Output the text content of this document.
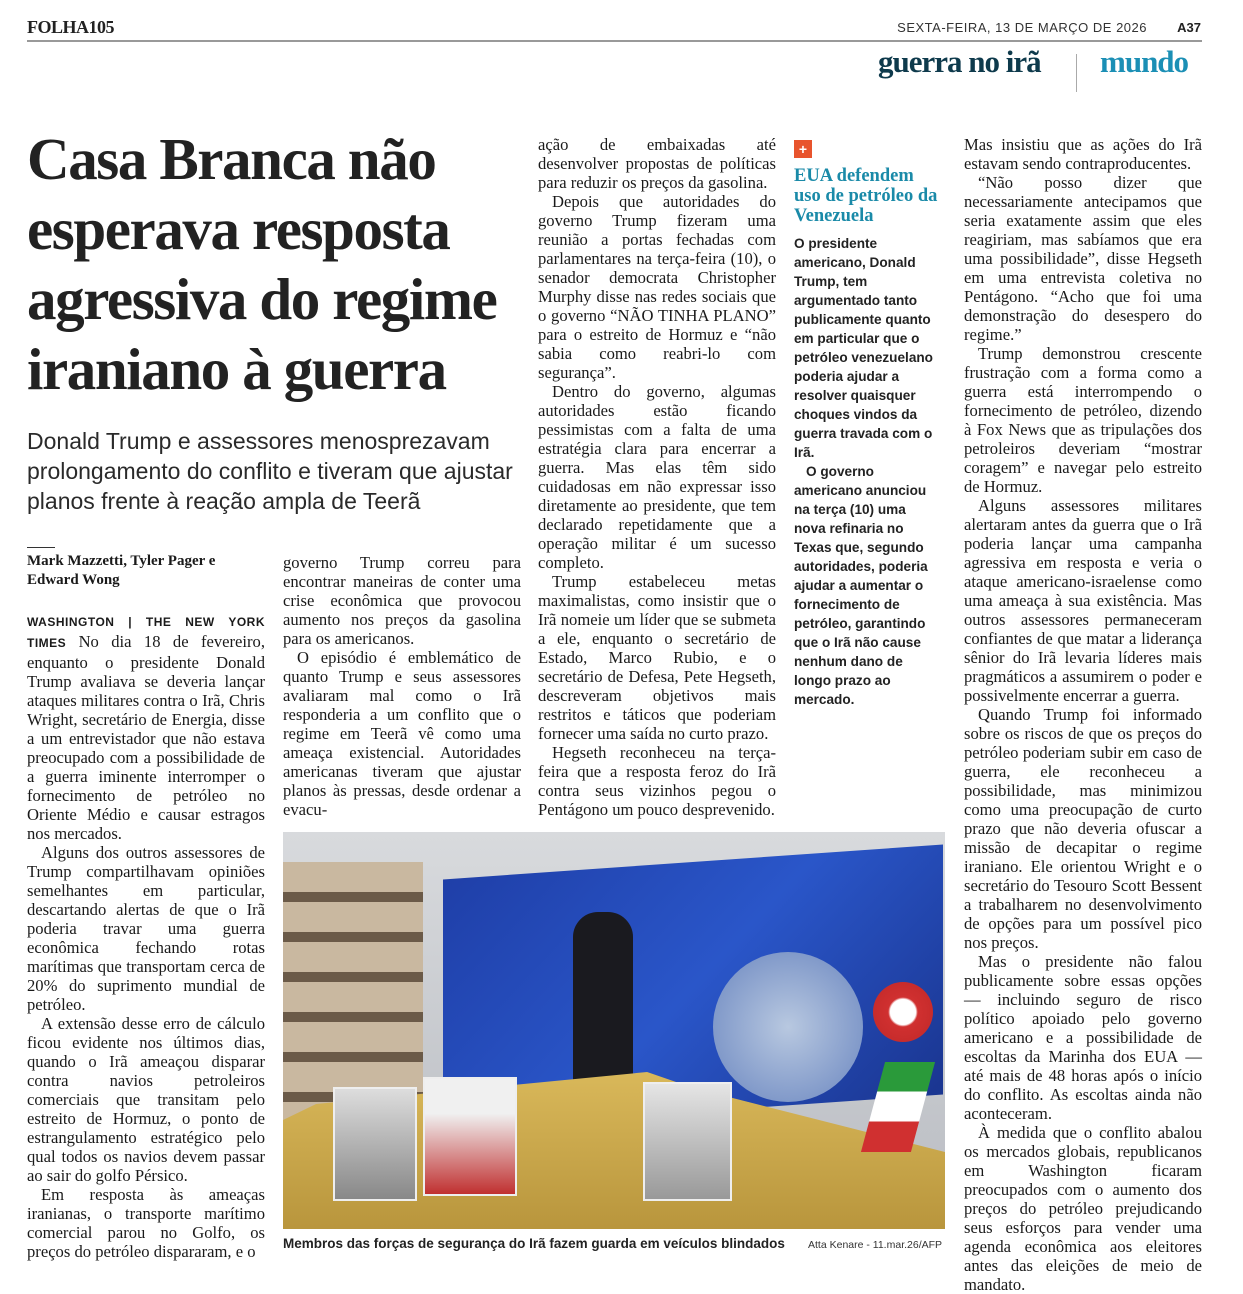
FOLHA105	SEXTA-FEIRA, 13 DE MARÇO DE 2026 A37
guerra no irã mundo
Casa Branca não esperava resposta agressiva do regime iraniano à guerra

Donald Trump e assessores menosprezavam prolongamento do conflito e tiveram que ajustar planos frente à reação ampla de Teerã

Mark Mazzetti, Tyler Pager e Edward Wong

WASHINGTON | THE NEW YORK TIMES No dia 18 de fevereiro, enquanto o presidente Donald Trump avaliava se deveria lançar ataques militares contra o Irã, Chris Wright, secretário de Energia, disse a um entrevistador que não estava preocupado com a possibilidade de a guerra iminente interromper o fornecimento de petróleo no Oriente Médio e causar estragos nos mercados.

Alguns dos outros assessores de Trump compartilhavam opiniões semelhantes em particular, descartando alertas de que o Irã poderia travar uma guerra econômica fechando rotas marítimas que transportam cerca de 20% do suprimento mundial de petróleo.

A extensão desse erro de cálculo ficou evidente nos últimos dias, quando o Irã ameaçou disparar contra navios petroleiros comerciais que transitam pelo estreito de Hormuz, o ponto de estrangulamento estratégico pelo qual todos os navios devem passar ao sair do golfo Pérsico.

Em resposta às ameaças iranianas, o transporte marítimo comercial parou no Golfo, os preços do petróleo dispararam, e o

governo Trump correu para encontrar maneiras de conter uma crise econômica que provocou aumento nos preços da gasolina para os americanos.

O episódio é emblemático de quanto Trump e seus assessores avaliaram mal como o Irã responderia a um conflito que o regime em Teerã vê como uma ameaça existencial. Autoridades americanas tiveram que ajustar planos às pressas, desde ordenar a evacu-

ação de embaixadas até desenvolver propostas de políticas para reduzir os preços da gasolina.

Depois que autoridades do governo Trump fizeram uma reunião a portas fechadas com parlamentares na terça-feira (10), o senador democrata Christopher Murphy disse nas redes sociais que o governo “NÃO TINHA PLANO” para o estreito de Hormuz e “não sabia como reabri-lo com segurança”.

Dentro do governo, algumas autoridades estão ficando pessimistas com a falta de uma estratégia clara para encerrar a guerra. Mas elas têm sido cuidadosas em não expressar isso diretamente ao presidente, que tem declarado repetidamente que a operação militar é um sucesso completo.

Trump estabeleceu metas maximalistas, como insistir que o Irã nomeie um líder que se submeta a ele, enquanto o secretário de Estado, Marco Rubio, e o secretário de Defesa, Pete Hegseth, descreveram objetivos mais restritos e táticos que poderiam fornecer uma saída no curto prazo.

Hegseth reconheceu na terça-feira que a resposta feroz do Irã contra seus vizinhos pegou o Pentágono um pouco desprevenido.

+
EUA defendem uso de petróleo da Venezuela

O presidente americano, Donald Trump, tem argumentado tanto publicamente quanto em particular que o petróleo venezuelano poderia ajudar a resolver quaisquer choques vindos da guerra travada com o Irã.

O governo americano anunciou na terça (10) uma nova refinaria no Texas que, segundo autoridades, poderia ajudar a aumentar o fornecimento de petróleo, garantindo que o Irã não cause nenhum dano de longo prazo ao mercado.

Mas insistiu que as ações do Irã estavam sendo contraproducentes.

“Não posso dizer que necessariamente antecipamos que seria exatamente assim que eles reagiriam, mas sabíamos que era uma possibilidade”, disse Hegseth em uma entrevista coletiva no Pentágono. “Acho que foi uma demonstração do desespero do regime.”

Trump demonstrou crescente frustração com a forma como a guerra está interrompendo o fornecimento de petróleo, dizendo à Fox News que as tripulações dos petroleiros deveriam “mostrar coragem” e navegar pelo estreito de Hormuz.

Alguns assessores militares alertaram antes da guerra que o Irã poderia lançar uma campanha agressiva em resposta e veria o ataque americano-israelense como uma ameaça à sua existência. Mas outros assessores permaneceram confiantes de que matar a liderança sênior do Irã levaria líderes mais pragmáticos a assumirem o poder e possivelmente encerrar a guerra.

Quando Trump foi informado sobre os riscos de que os preços do petróleo poderiam subir em caso de guerra, ele reconheceu a possibilidade, mas minimizou como uma preocupação de curto prazo que não deveria ofuscar a missão de decapitar o regime iraniano. Ele orientou Wright e o secretário do Tesouro Scott Bessent a trabalharem no desenvolvimento de opções para um possível pico nos preços.

Mas o presidente não falou publicamente sobre essas opções — incluindo seguro de risco político apoiado pelo governo americano e a possibilidade de escoltas da Marinha dos EUA — até mais de 48 horas após o início do conflito. As escoltas ainda não aconteceram.

À medida que o conflito abalou os mercados globais, republicanos em Washington ficaram preocupados com o aumento dos preços do petróleo prejudicando seus esforços para vender uma agenda econômica aos eleitores antes das eleições de meio de mandato.

Membros das forças de segurança do Irã fazem guarda em veículos blindados Atta Kenare - 11.mar.26/AFP
